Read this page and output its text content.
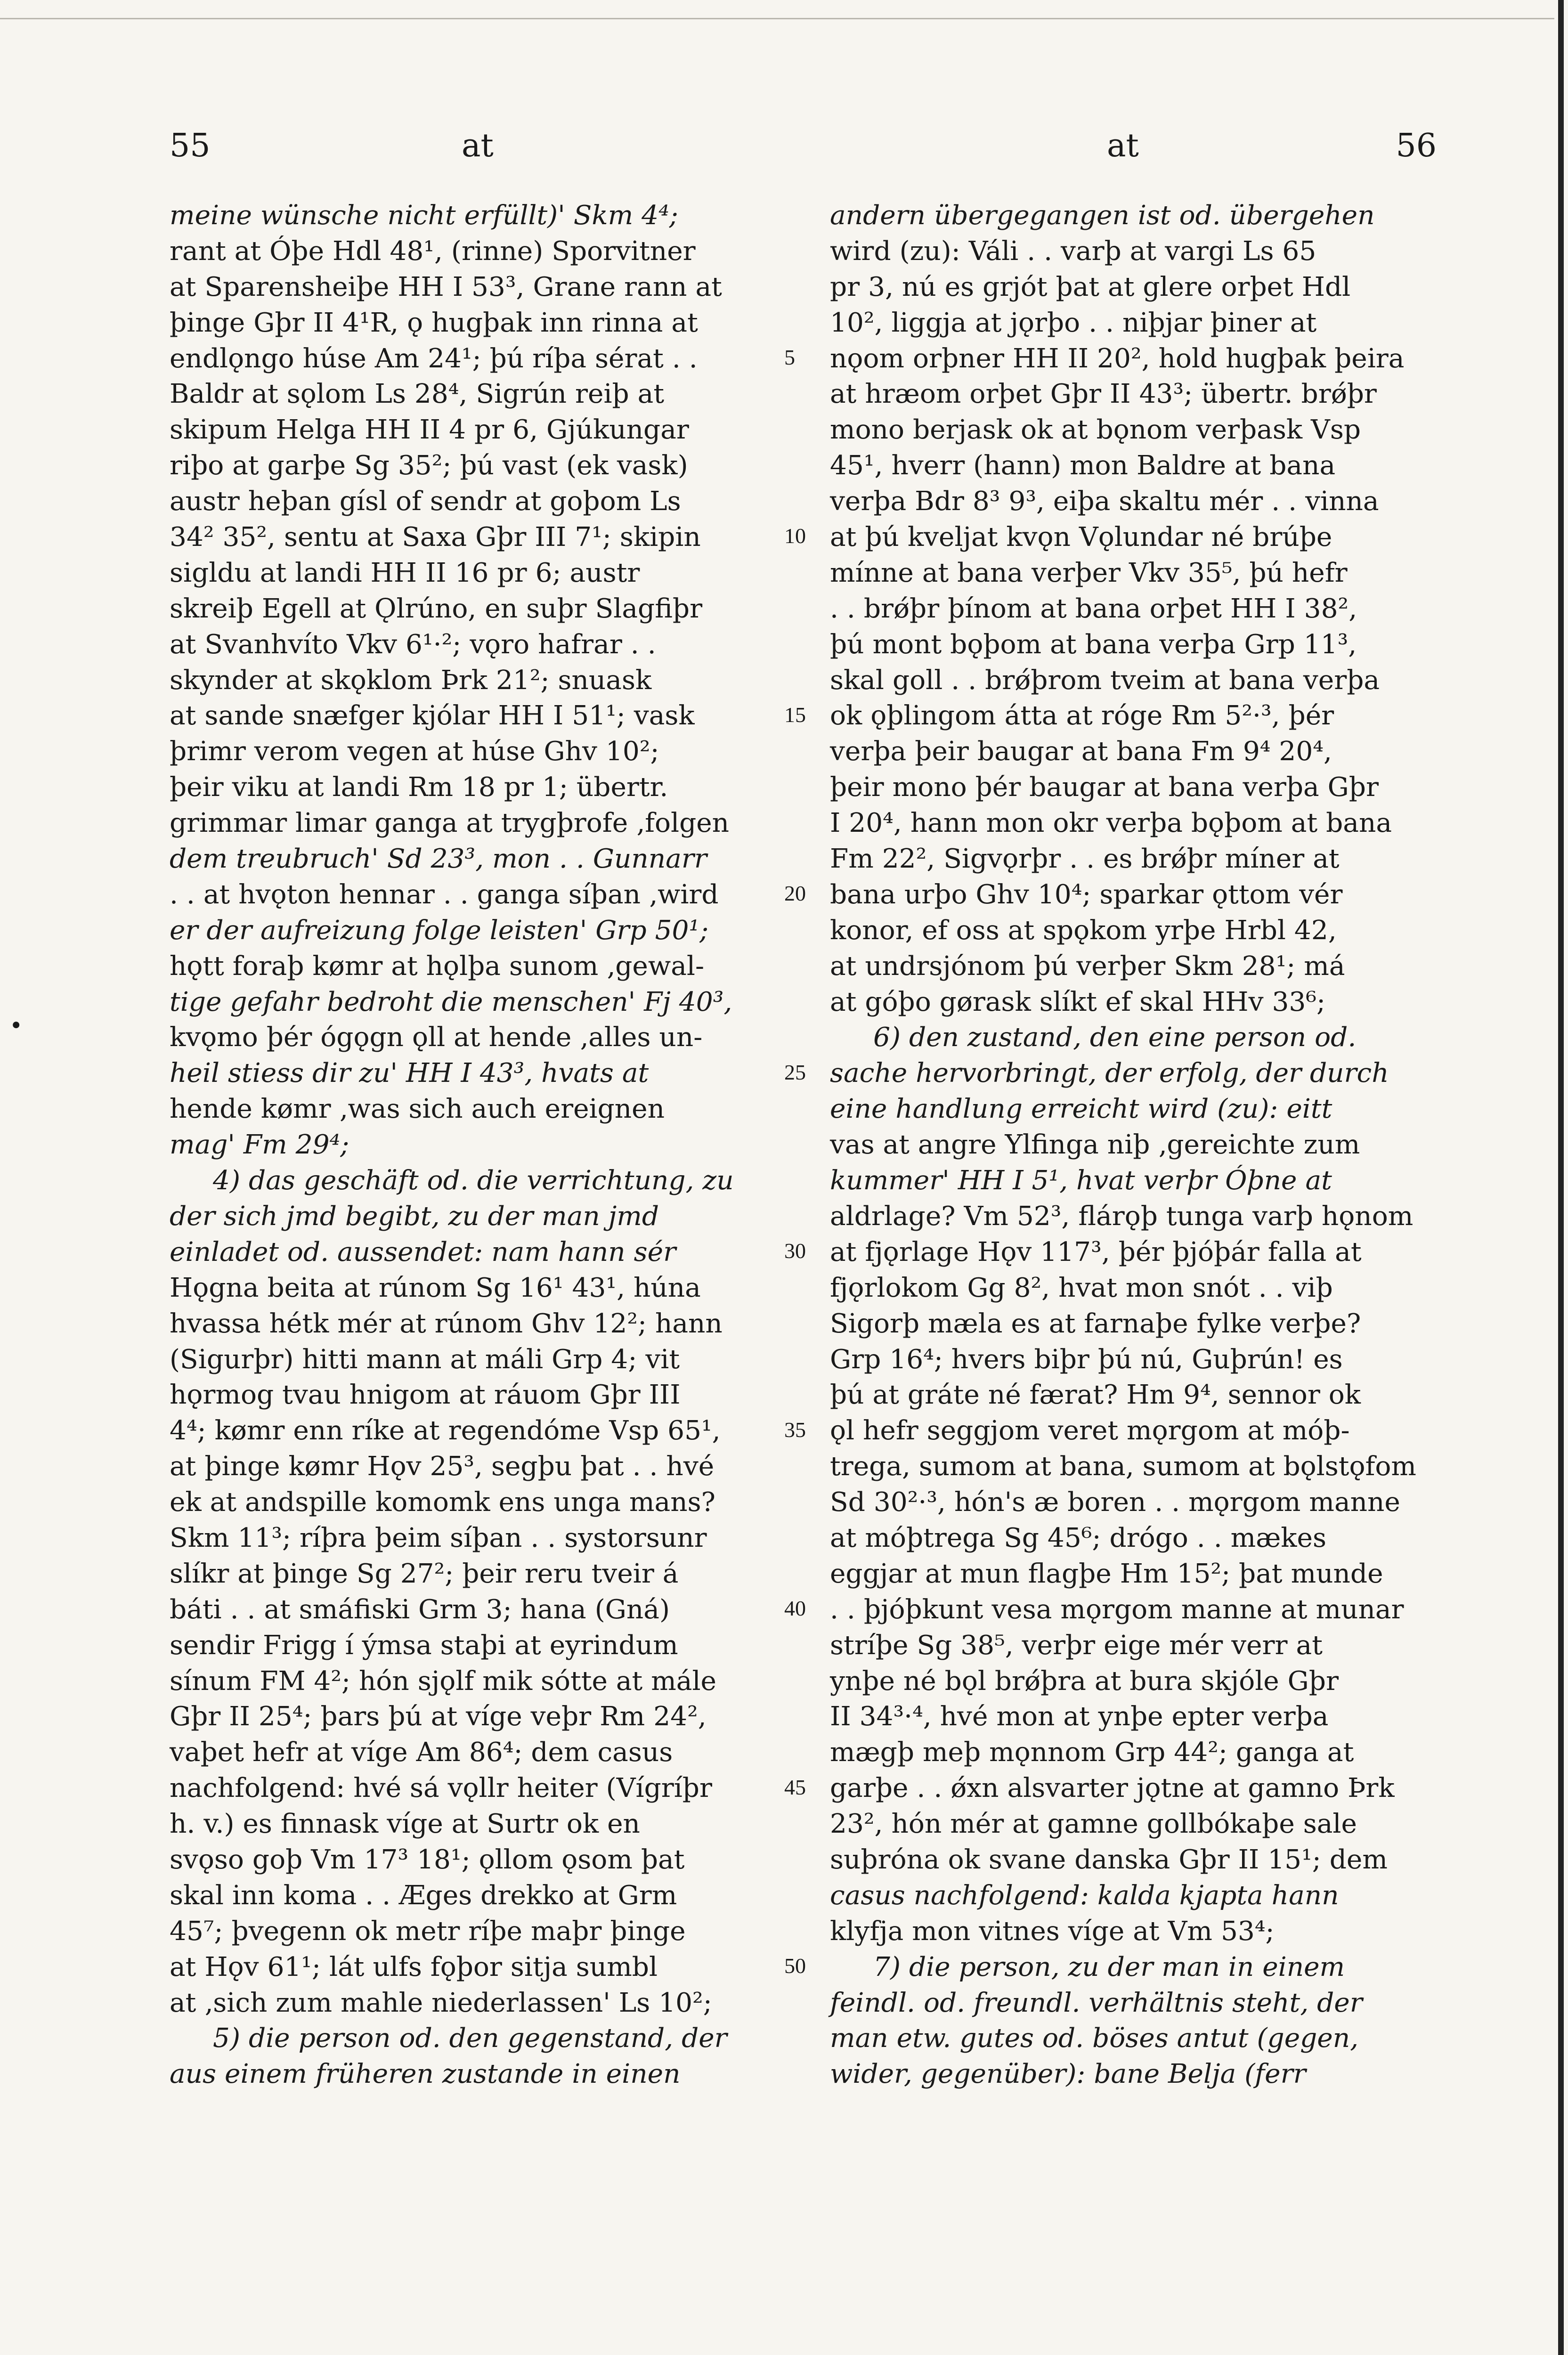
55	at	at	56
•
meine wünsche nicht erfüllt)' Skm 4⁴;
rant at Óþe Hdl 48¹, (rinne) Sporvitner
at Sparensheiþe HH I 53³, Grane rann at
þinge Gþr II 4¹R, ǫ hugþak inn rinna at
endlǫngo húse Am 24¹; þú ríþa sérat . .
Baldr at sǫlom Ls 28⁴, Sigrún reiþ at
skipum Helga HH II 4 pr 6, Gjúkungar
riþo at garþe Sg 35²; þú vast (ek vask)
austr heþan gísl of sendr at goþom Ls
34² 35², sentu at Saxa Gþr III 7¹; skipin
sigldu at landi HH II 16 pr 6; austr
skreiþ Egell at Ǫlrúno, en suþr Slagfiþr
at Svanhvíto Vkv 6¹·²; vǫro hafrar . .
skynder at skǫklom Þrk 21²; snuask
at sande snæfger kjólar HH I 51¹; vask
þrimr verom vegen at húse Ghv 10²;
þeir viku at landi Rm 18 pr 1; übertr.
grimmar limar ganga at trygþrofe ‚folgen
dem treubruch' Sd 23³, mon . . Gunnarr
. . at hvǫton hennar . . ganga síþan ‚wird
er der aufreizung folge leisten' Grp 50¹;
hǫtt foraþ kømr at hǫlþa sunom ‚gewal-
tige gefahr bedroht die menschen' Fj 40³,
kvǫmo þér ógǫgn ǫll at hende ‚alles un-
heil stiess dir zu' HH I 43³, hvats at
hende kømr ‚was sich auch ereignen
mag' Fm 29⁴;
4) das geschäft od. die verrichtung, zu
der sich jmd begibt, zu der man jmd
einladet od. aussendet: nam hann sér
Hǫgna beita at rúnom Sg 16¹ 43¹, húna
hvassa hétk mér at rúnom Ghv 12²; hann
(Sigurþr) hitti mann at máli Grp 4; vit
hǫrmog tvau hnigom at ráuom Gþr III
4⁴; kømr enn ríke at regendóme Vsp 65¹,
at þinge kømr Hǫv 25³, segþu þat . . hvé
ek at andspille komomk ens unga mans?
Skm 11³; ríþra þeim síþan . . systorsunr
slíkr at þinge Sg 27²; þeir reru tveir á
báti . . at smáfiski Grm 3; hana (Gná)
sendir Frigg í ýmsa staþi at eyrindum
sínum FM 4²; hón sjǫlf mik sótte at mále
Gþr II 25⁴; þars þú at víge veþr Rm 24²,
vaþet hefr at víge Am 86⁴; dem casus
nachfolgend: hvé sá vǫllr heiter (Vígríþr
h. v.) es finnask víge at Surtr ok en
svǫso goþ Vm 17³ 18¹; ǫllom ǫsom þat
skal inn koma . . Æges drekko at Grm
45⁷; þvegenn ok metr ríþe maþr þinge
at Hǫv 61¹; lát ulfs fǫþor sitja sumbl
at ‚sich zum mahle niederlassen' Ls 10²;
5) die person od. den gegenstand, der
aus einem früheren zustande in einen
5
10
15
20
25
30
35
40
45
50
andern übergegangen ist od. übergehen
wird (zu): Váli . . varþ at vargi Ls 65
pr 3, nú es grjót þat at glere orþet Hdl
10², liggja at jǫrþo . . niþjar þiner at
nǫom orþner HH II 20², hold hugþak þeira
at hræom orþet Gþr II 43³; übertr. brǿþr
mono berjask ok at bǫnom verþask Vsp
45¹, hverr (hann) mon Baldre at bana
verþa Bdr 8³ 9³, eiþa skaltu mér . . vinna
at þú kveljat kvǫn Vǫlundar né brúþe
mínne at bana verþer Vkv 35⁵, þú hefr
. . brǿþr þínom at bana orþet HH I 38²,
þú mont bǫþom at bana verþa Grp 11³,
skal goll . . brǿþrom tveim at bana verþa
ok ǫþlingom átta at róge Rm 5²·³, þér
verþa þeir baugar at bana Fm 9⁴ 20⁴,
þeir mono þér baugar at bana verþa Gþr
I 20⁴, hann mon okr verþa bǫþom at bana
Fm 22², Sigvǫrþr . . es brǿþr míner at
bana urþo Ghv 10⁴; sparkar ǫttom vér
konor, ef oss at spǫkom yrþe Hrbl 42,
at undrsjónom þú verþer Skm 28¹; má
at góþo gørask slíkt ef skal HHv 33⁶;
6) den zustand, den eine person od.
sache hervorbringt, der erfolg, der durch
eine handlung erreicht wird (zu): eitt
vas at angre Ylfinga niþ ‚gereichte zum
kummer' HH I 5¹, hvat verþr Óþne at
aldrlage? Vm 52³, flárǫþ tunga varþ hǫnom
at fjǫrlage Hǫv 117³, þér þjóþár falla at
fjǫrlokom Gg 8², hvat mon snót . . viþ
Sigorþ mæla es at farnaþe fylke verþe?
Grp 16⁴; hvers biþr þú nú, Guþrún! es
þú at gráte né færat? Hm 9⁴, sennor ok
ǫl hefr seggjom veret mǫrgom at móþ-
trega, sumom at bana, sumom at bǫlstǫfom
Sd 30²·³, hón's æ boren . . mǫrgom manne
at móþtrega Sg 45⁶; drógo . . mækes
eggjar at mun flagþe Hm 15²; þat munde
. . þjóþkunt vesa mǫrgom manne at munar
stríþe Sg 38⁵, verþr eige mér verr at
ynþe né bǫl brǿþra at bura skjóle Gþr
II 34³·⁴, hvé mon at ynþe epter verþa
mægþ meþ mǫnnom Grp 44²; ganga at
garþe . . ǿxn alsvarter jǫtne at gamno Þrk
23², hón mér at gamne gollbókaþe sale
suþróna ok svane danska Gþr II 15¹; dem
casus nachfolgend: kalda kjapta hann
klyfja mon vitnes víge at Vm 53⁴;
7) die person, zu der man in einem
feindl. od. freundl. verhältnis steht, der
man etw. gutes od. böses antut (gegen,
wider, gegenüber): bane Belja (ferr
